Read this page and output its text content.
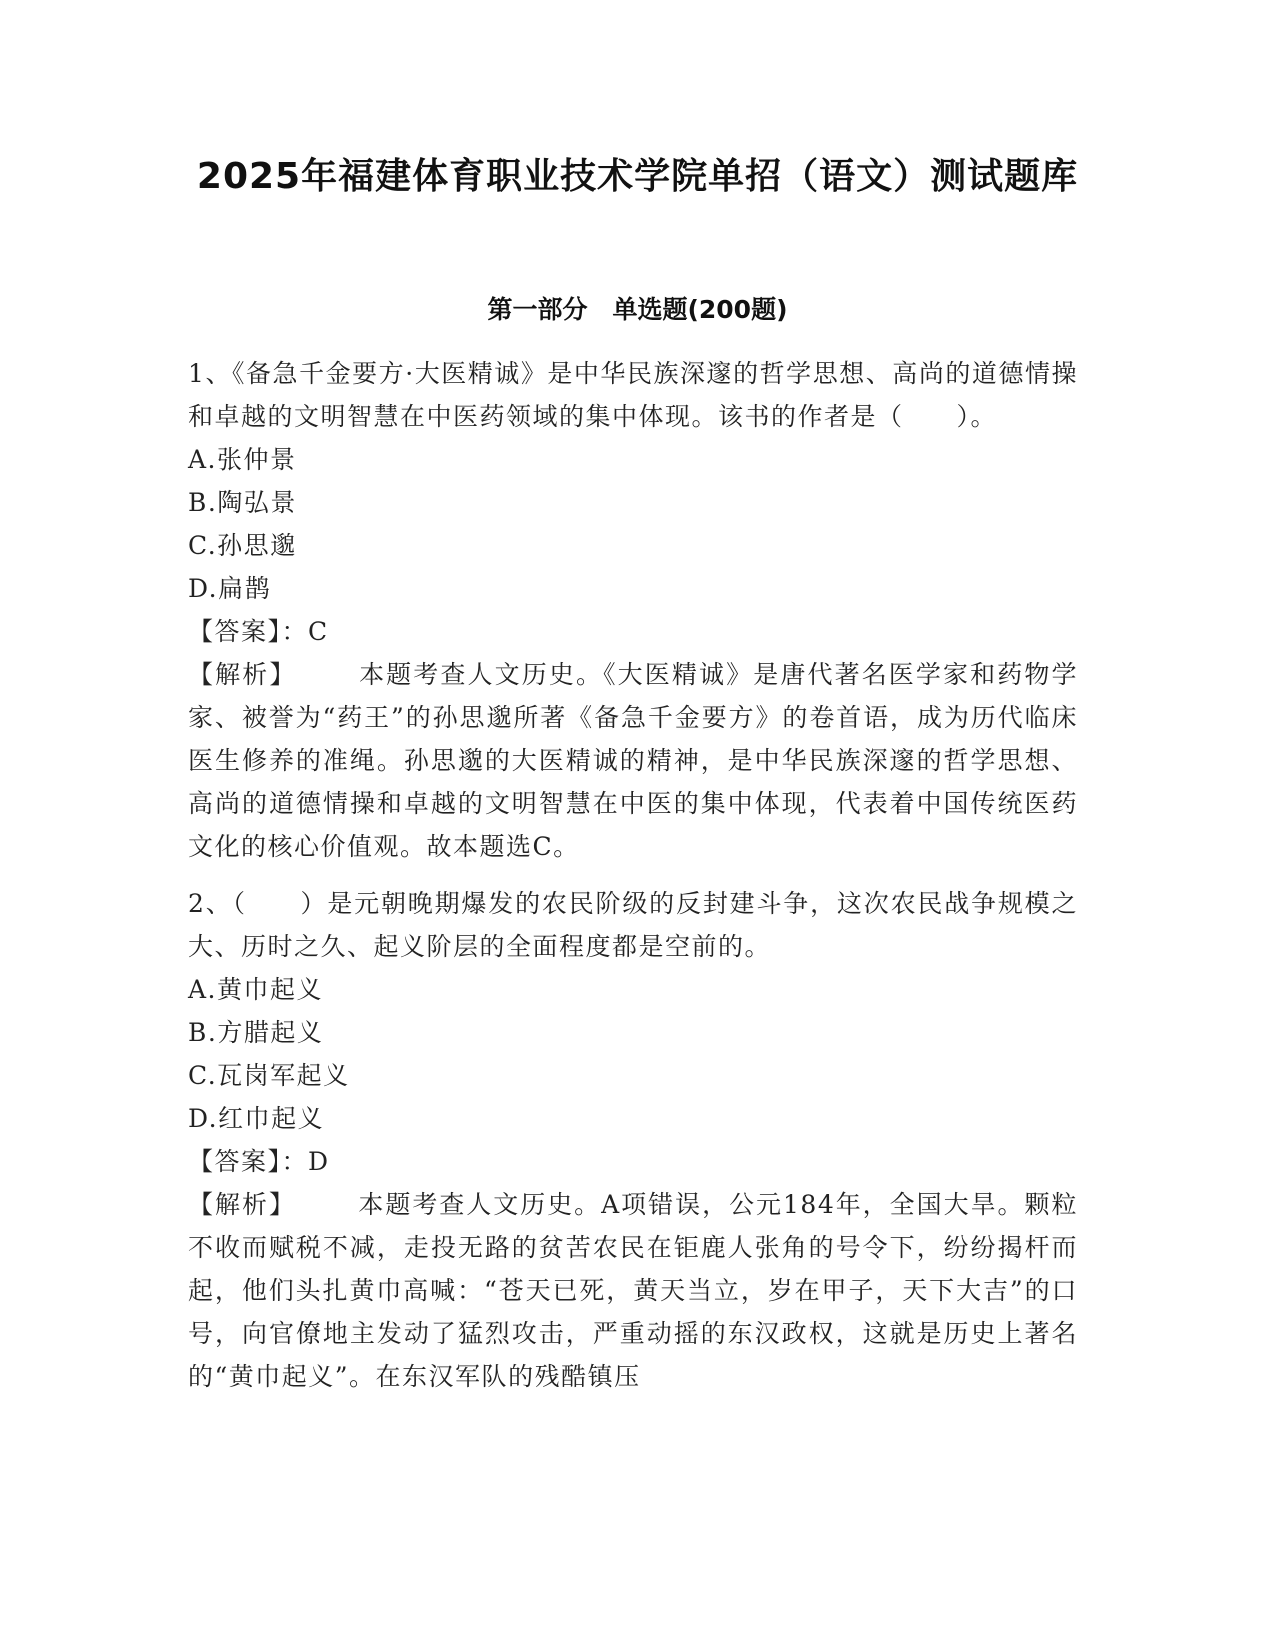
2025年福建体育职业技术学院单招（语文）测试题库
第一部分　单选题(200题)

1、《备急千金要方·大医精诚》是中华民族深邃的哲学思想、高尚的道德情操和卓越的文明智慧在中医药领域的集中体现。该书的作者是（　　）。

A.张仲景

B.陶弘景

C.孙思邈

D.扁鹊

【答案】：C

【解析】 本题考查人文历史。《大医精诚》是唐代著名医学家和药物学家、被誉为“药王”的孙思邈所著《备急千金要方》的卷首语，成为历代临床医生修养的准绳。孙思邈的大医精诚的精神，是中华民族深邃的哲学思想、高尚的道德情操和卓越的文明智慧在中医的集中体现，代表着中国传统医药文化的核心价值观。故本题选C。

2、（　　）是元朝晚期爆发的农民阶级的反封建斗争，这次农民战争规模之大、历时之久、起义阶层的全面程度都是空前的。

A.黄巾起义

B.方腊起义

C.瓦岗军起义

D.红巾起义

【答案】：D

【解析】 本题考查人文历史。A项错误，公元184年，全国大旱。颗粒不收而赋税不减，走投无路的贫苦农民在钜鹿人张角的号令下，纷纷揭杆而起，他们头扎黄巾高喊：“苍天已死，黄天当立，岁在甲子，天下大吉”的口号，向官僚地主发动了猛烈攻击，严重动摇的东汉政权，这就是历史上著名的“黄巾起义”。在东汉军队的残酷镇压
